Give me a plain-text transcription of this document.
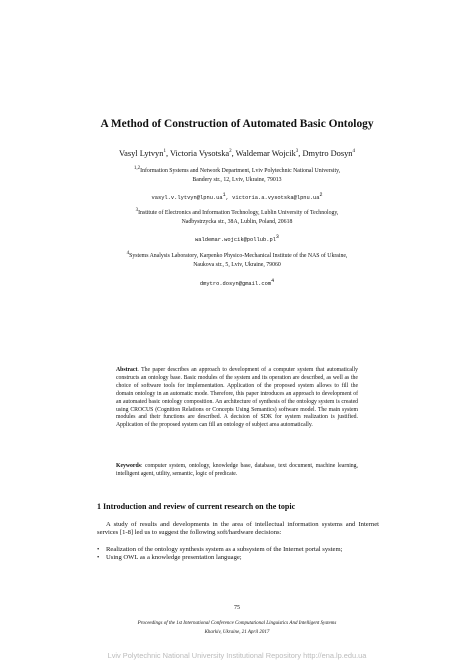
A Method of Construction of Automated Basic Ontology
Vasyl Lytvyn$^1$, Victoria Vysotska$^2$, Waldemar Wojcik$^3$, Dmytro Dosyn$^4$
$^{1,2}$Information Systems and Network Department, Lviv Polytechnic National University,
Bandery str., 12, Lviv, Ukraine, 79013
$vasyl.v.lytvyn@lpnu.ua^1$, $victoria.a.vysotska@lpnu.ua^2$
$^3$Institute of Electronics and Information Technology, Lublin University of Technology,
Nadbystrzycka str., 38A, Lublin, Poland, 20618
$waldemar.wojcik@pollub.pl^3$
$^4$Systems Analysis Laboratory, Karpenko Physico-Mechanical Institute of the NAS of Ukraine,
Naukova str., 5, Lviv, Ukraine, 79060
dmytro.dosyn@gmail.com$^4$
Abstract. The paper describes an approach to development of a computer system that automatically constructs an ontology base. Basic modules of the system and its operation are described, as well as the choice of software tools for implementation. Application of the proposed system allows to fill the domain ontology in an automatic mode. Therefore, this paper introduces an approach to development of an automated basic ontology composition. An architecture of synthesis of the ontology system is created using CROCUS (Cognition Relations or Concepts Using Semantics) software model. The main system modules and their functions are described. A decision of SDK for system realization is justified. Application of the proposed system can fill an ontology of subject area automatically.
Keywords: computer system, ontology, knowledge base, database, text document, machine learning, intelligent agent, utility, semantic, logic of predicate.
1 Introduction and review of current research on the topic
A study of results and developments in the area of intellectual information systems and Internet services [1-8] led us to suggest the following soft/hardware decisions:
• Realization of the ontology synthesis system as a subsystem of the Internet portal system;
• Using OWL as a knowledge presentation language;
75
Proceedings of the 1st International Conference Computational Linguistics And Intelligent Systems
Kharkiv, Ukraine, 21 April 2017
Lviv Polytechnic National University Institutional Repository http://ena.lp.edu.ua
